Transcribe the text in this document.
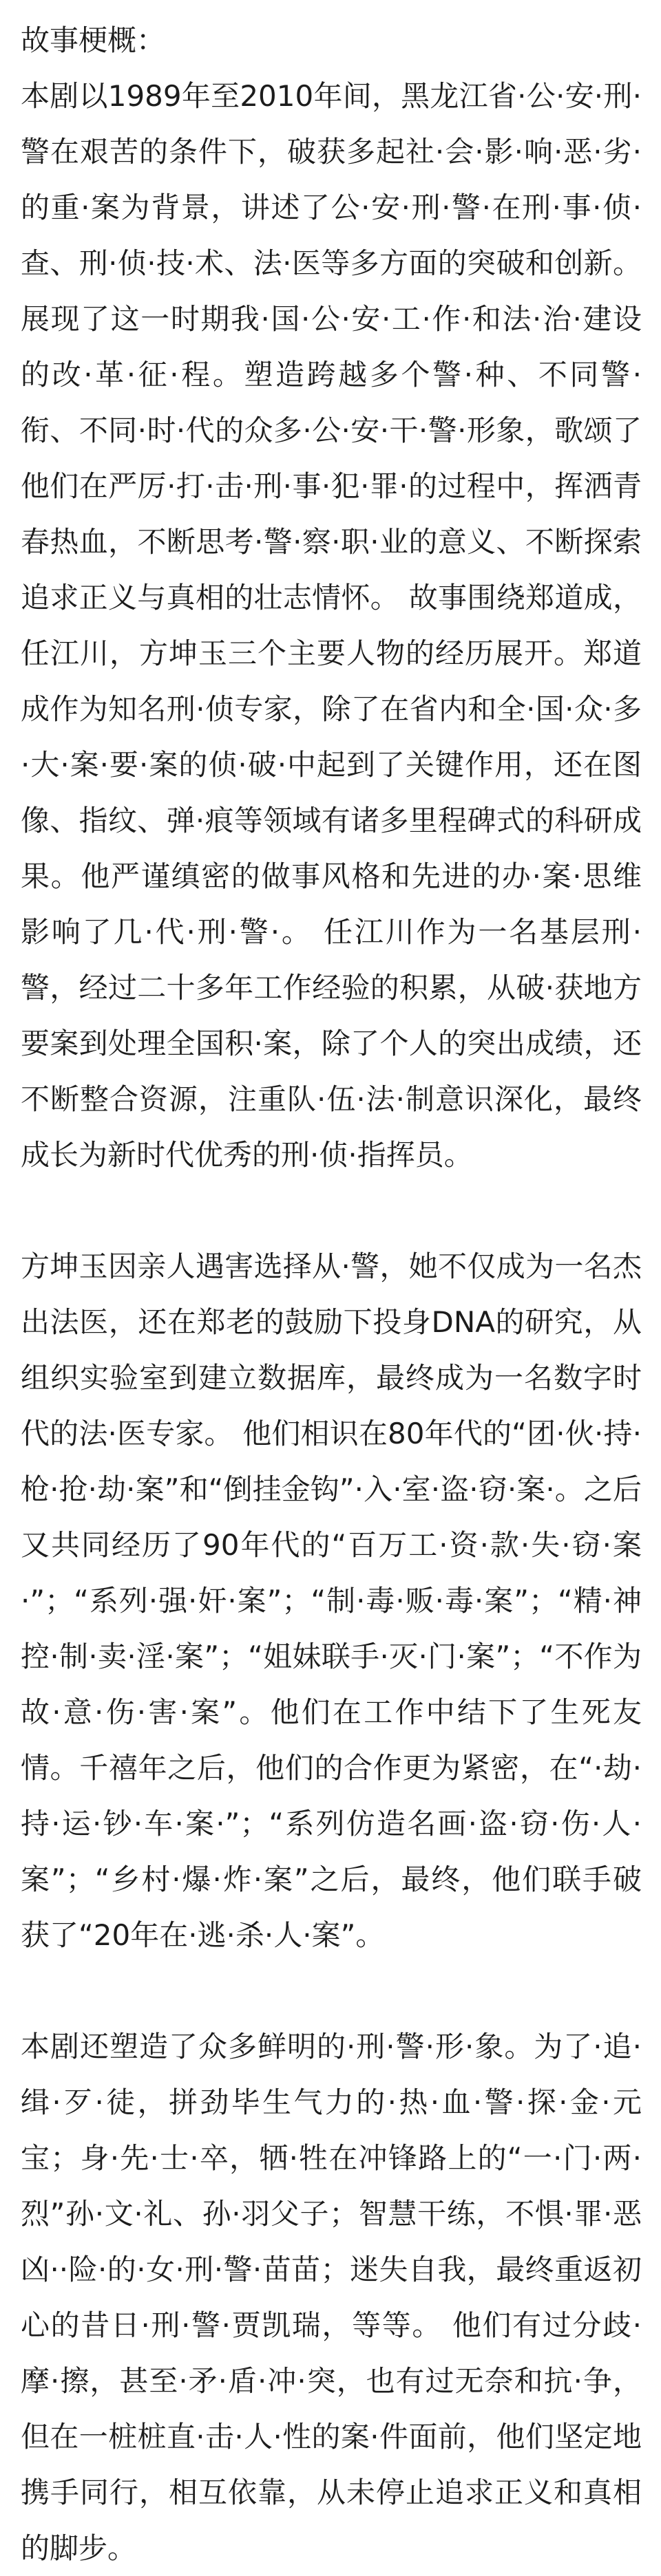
故事梗概：

本剧以1989年至2010年间，黑龙江省·公·安·刑·警在艰苦的条件下，破获多起社·会·影·响·恶·劣·的重·案为背景，讲述了公·安·刑·警·在刑·事·侦·查、刑·侦·技·术、法·医等多方面的突破和创新。展现了这一时期我·国·公·安·工·作·和法·治·建设的改·革·征·程。塑造跨越多个警·种、不同警·衔、不同·时·代的众多·公·安·干·警·形象，歌颂了他们在严厉·打·击·刑·事·犯·罪·的过程中，挥洒青春热血，不断思考·警·察·职·业的意义、不断探索追求正义与真相的壮志情怀。 故事围绕郑道成，任江川，方坤玉三个主要人物的经历展开。郑道成作为知名刑·侦专家，除了在省内和全·国·众·多·大·案·要·案的侦·破·中起到了关键作用，还在图像、指纹、弹·痕等领域有诸多里程碑式的科研成果。他严谨缜密的做事风格和先进的办·案·思维影响了几·代·刑·警·。 任江川作为一名基层刑·警，经过二十多年工作经验的积累，从破·获地方要案到处理全国积·案，除了个人的突出成绩，还不断整合资源，注重队·伍·法·制意识深化，最终成长为新时代优秀的刑·侦·指挥员。

方坤玉因亲人遇害选择从·警，她不仅成为一名杰出法医，还在郑老的鼓励下投身DNA的研究，从组织实验室到建立数据库，最终成为一名数字时代的法·医专家。 他们相识在80年代的“团·伙·持·枪·抢·劫·案”和“倒挂金钩”·入·室·盗·窃·案·。之后又共同经历了90年代的“百万工·资·款·失·窃·案·”；“系列·强·奸·案”；“制·毒·贩·毒·案”；“精·神控·制·卖·淫·案”；“姐妹联手·灭·门·案”；“不作为故·意·伤·害·案”。他们在工作中结下了生死友情。千禧年之后，他们的合作更为紧密，在“·劫·持·运·钞·车·案·”；“系列仿造名画·盗·窃·伤·人·案”；“乡村·爆·炸·案”之后，最终，他们联手破获了“20年在·逃·杀·人·案”。

本剧还塑造了众多鲜明的·刑·警·形·象。为了·追·缉·歹·徒，拼劲毕生气力的·热·血·警·探·金·元宝；身·先·士·卒，牺·牲在冲锋路上的“一·门·两·烈”孙·文·礼、孙·羽父子；智慧干练，不惧·罪·恶凶··险·的·女·刑·警·苗苗；迷失自我，最终重返初心的昔日·刑·警·贾凯瑞，等等。 他们有过分歧·摩·擦，甚至·矛·盾·冲·突，也有过无奈和抗·争，但在一桩桩直·击·人·性的案·件面前，他们坚定地携手同行，相互依靠，从未停止追求正义和真相的脚步。
